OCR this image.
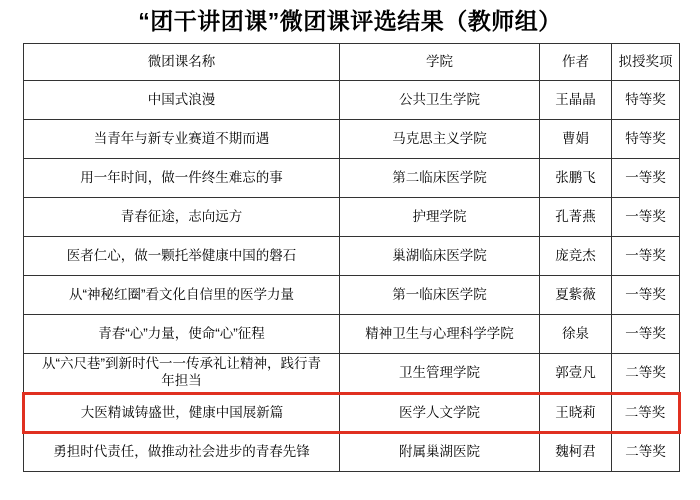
“团干讲团课”微团课评选结果（教师组）
微团课名称	学院	作者	拟授奖项
中国式浪漫	公共卫生学院	王晶晶	特等奖
当青年与新专业赛道不期而遇	马克思主义学院	曹娟	特等奖
用一年时间，做一件终生难忘的事	第二临床医学院	张鹏飞	一等奖
青春征途，志向远方	护理学院	孔菁燕	一等奖
医者仁心，做一颗托举健康中国的磐石	巢湖临床医学院	庞竞杰	一等奖
从“神秘红圈”看文化自信里的医学力量	第一临床医学院	夏紫薇	一等奖
青春“心”力量，使命“心”征程	精神卫生与心理科学学院	徐泉	一等奖

从“六尺巷”到新时代一一传承礼让精神，践行青年担当	卫生管理学院	郭壹凡	二等奖
大医精诚铸盛世，健康中国展新篇	医学人文学院	王晓莉	二等奖
勇担时代责任，做推动社会进步的青春先锋	附属巢湖医院	魏柯君	二等奖
